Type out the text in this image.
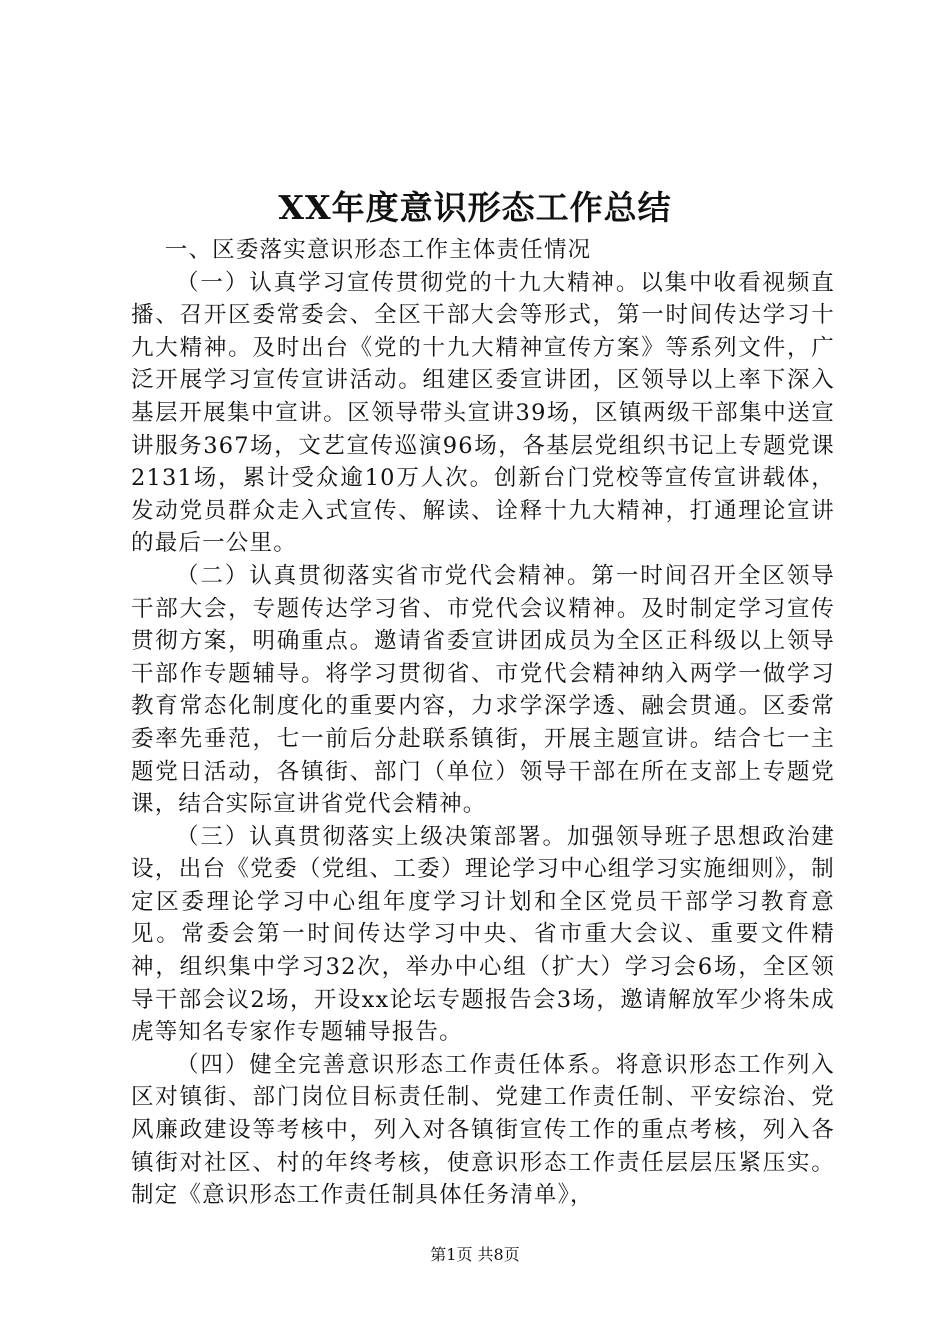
XX年度意识形态工作总结

一、区委落实意识形态工作主体责任情况

（一）认真学习宣传贯彻党的十九大精神。以集中收看视频直播、召开区委常委会、全区干部大会等形式，第一时间传达学习十九大精神。及时出台《党的十九大精神宣传方案》等系列文件，广泛开展学习宣传宣讲活动。组建区委宣讲团，区领导以上率下深入基层开展集中宣讲。区领导带头宣讲39场，区镇两级干部集中送宣讲服务367场，文艺宣传巡演96场，各基层党组织书记上专题党课2131场，累计受众逾10万人次。创新台门党校等宣传宣讲载体，发动党员群众走入式宣传、解读、诠释十九大精神，打通理论宣讲的最后一公里。

（二）认真贯彻落实省市党代会精神。第一时间召开全区领导干部大会，专题传达学习省、市党代会议精神。及时制定学习宣传贯彻方案，明确重点。邀请省委宣讲团成员为全区正科级以上领导干部作专题辅导。将学习贯彻省、市党代会精神纳入两学一做学习教育常态化制度化的重要内容，力求学深学透、融会贯通。区委常委率先垂范，七一前后分赴联系镇街，开展主题宣讲。结合七一主题党日活动，各镇街、部门（单位）领导干部在所在支部上专题党课，结合实际宣讲省党代会精神。

（三）认真贯彻落实上级决策部署。加强领导班子思想政治建设，出台《党委（党组、工委）理论学习中心组学习实施细则》，制定区委理论学习中心组年度学习计划和全区党员干部学习教育意见。常委会第一时间传达学习中央、省市重大会议、重要文件精神，组织集中学习32次，举办中心组（扩大）学习会6场，全区领导干部会议2场，开设xx论坛专题报告会3场，邀请解放军少将朱成虎等知名专家作专题辅导报告。

（四）健全完善意识形态工作责任体系。将意识形态工作列入区对镇街、部门岗位目标责任制、党建工作责任制、平安综治、党风廉政建设等考核中，列入对各镇街宣传工作的重点考核，列入各镇街对社区、村的年终考核，使意识形态工作责任层层压紧压实。制定《意识形态工作责任制具体任务清单》，

第1页 共8页
